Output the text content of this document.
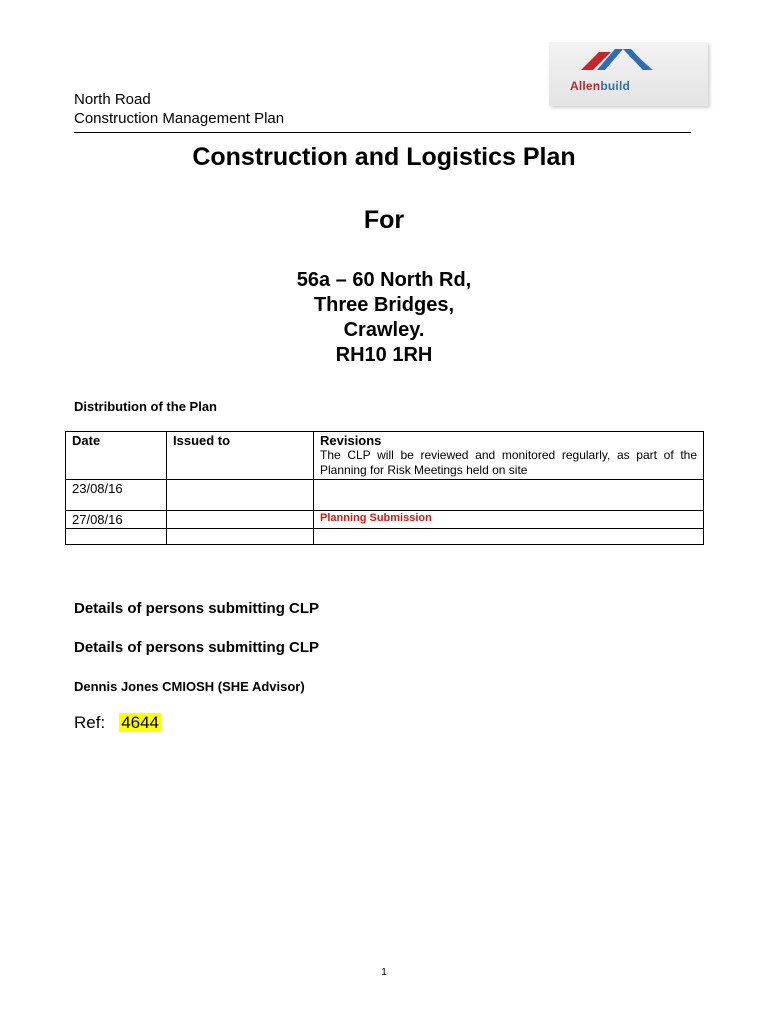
North Road
Construction Management Plan
Allenbuild
Construction and Logistics Plan
For
56a – 60 North Rd,
Three Bridges,
Crawley.
RH10 1RH
Distribution of the Plan
Date	Issued to	Revisions
The CLP will be reviewed and monitored regularly, as part of the Planning for Risk Meetings held on site

23/08/16		
27/08/16		Planning Submission

Details of persons submitting CLP
Details of persons submitting CLP
Dennis Jones CMIOSH (SHE Advisor)
Ref: 4644
1
